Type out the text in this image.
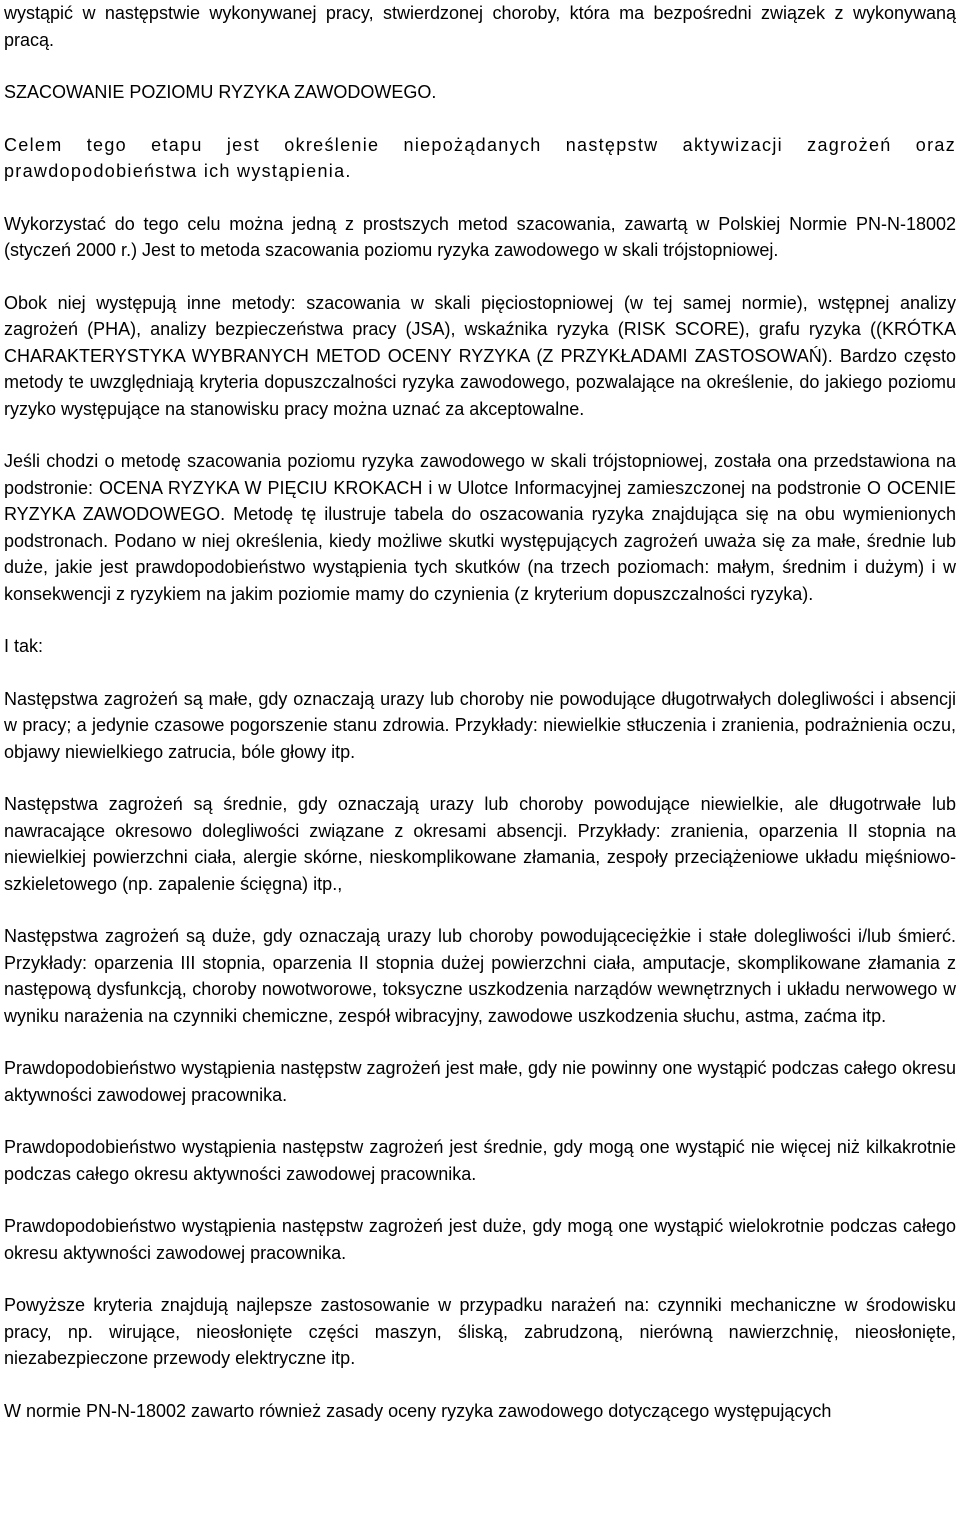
wystąpić w następstwie wykonywanej pracy, stwierdzonej choroby, która ma bezpośredni związek z wykonywaną pracą.

SZACOWANIE POZIOMU RYZYKA ZAWODOWEGO.

Celem tego etapu jest określenie niepożądanych następstw aktywizacji zagrożeń oraz prawdopodobieństwa ich wystąpienia.

Wykorzystać do tego celu można jedną z prostszych metod szacowania, zawartą w Polskiej Normie PN-N-18002 (styczeń 2000 r.) Jest to metoda szacowania poziomu ryzyka zawodowego w skali trójstopniowej.

Obok niej występują inne metody: szacowania w skali pięciostopniowej (w tej samej normie), wstępnej analizy zagrożeń (PHA), analizy bezpieczeństwa pracy (JSA), wskaźnika ryzyka (RISK SCORE), grafu ryzyka ((KRÓTKA CHARAKTERYSTYKA WYBRANYCH METOD OCENY RYZYKA (Z PRZYKŁADAMI ZASTOSOWAŃ). Bardzo często metody te uwzględniają kryteria dopuszczalności ryzyka zawodowego, pozwalające na określenie, do jakiego poziomu ryzyko występujące na stanowisku pracy można uznać za akceptowalne.

Jeśli chodzi o metodę szacowania poziomu ryzyka zawodowego w skali trójstopniowej, została ona przedstawiona na podstronie: OCENA RYZYKA W PIĘCIU KROKACH i w Ulotce Informacyjnej zamieszczonej na podstronie O OCENIE RYZYKA ZAWODOWEGO. Metodę tę ilustruje tabela do oszacowania ryzyka znajdująca się na obu wymienionych podstronach. Podano w niej określenia, kiedy możliwe skutki występujących zagrożeń uważa się za małe, średnie lub duże, jakie jest prawdopodobieństwo wystąpienia tych skutków (na trzech poziomach: małym, średnim i dużym) i w konsekwencji z ryzykiem na jakim poziomie mamy do czynienia (z kryterium dopuszczalności ryzyka).

I tak:

Następstwa zagrożeń są małe, gdy oznaczają urazy lub choroby nie powodujące długotrwałych dolegliwości i absencji w pracy; a jedynie czasowe pogorszenie stanu zdrowia. Przykłady: niewielkie stłuczenia i zranienia, podrażnienia oczu, objawy niewielkiego zatrucia, bóle głowy itp.

Następstwa zagrożeń są średnie, gdy oznaczają urazy lub choroby powodujące niewielkie, ale długotrwałe lub nawracające okresowo dolegliwości związane z okresami absencji. Przykłady: zranienia, oparzenia II stopnia na niewielkiej powierzchni ciała, alergie skórne, nieskomplikowane złamania, zespoły przeciążeniowe układu mięśniowo-szkieletowego (np. zapalenie ścięgna) itp.,

Następstwa zagrożeń są duże, gdy oznaczają urazy lub choroby powodująceciężkie i stałe dolegliwości i/lub śmierć. Przykłady: oparzenia III stopnia, oparzenia II stopnia dużej powierzchni ciała, amputacje, skomplikowane złamania z następową dysfunkcją, choroby nowotworowe, toksyczne uszkodzenia narządów wewnętrznych i układu nerwowego w wyniku narażenia na czynniki chemiczne, zespół wibracyjny, zawodowe uszkodzenia słuchu, astma, zaćma itp.

Prawdopodobieństwo wystąpienia następstw zagrożeń jest małe, gdy nie powinny one wystąpić podczas całego okresu aktywności zawodowej pracownika.

Prawdopodobieństwo wystąpienia następstw zagrożeń jest średnie, gdy mogą one wystąpić nie więcej niż kilkakrotnie podczas całego okresu aktywności zawodowej pracownika.

Prawdopodobieństwo wystąpienia następstw zagrożeń jest duże, gdy mogą one wystąpić wielokrotnie podczas całego okresu aktywności zawodowej pracownika.

Powyższe kryteria znajdują najlepsze zastosowanie w przypadku narażeń na: czynniki mechaniczne w środowisku pracy, np. wirujące, nieosłonięte części maszyn, śliską, zabrudzoną, nierówną nawierzchnię, nieosłonięte, niezabezpieczone przewody elektryczne itp.

W normie PN-N-18002 zawarto również zasady oceny ryzyka zawodowego dotyczącego występujących
